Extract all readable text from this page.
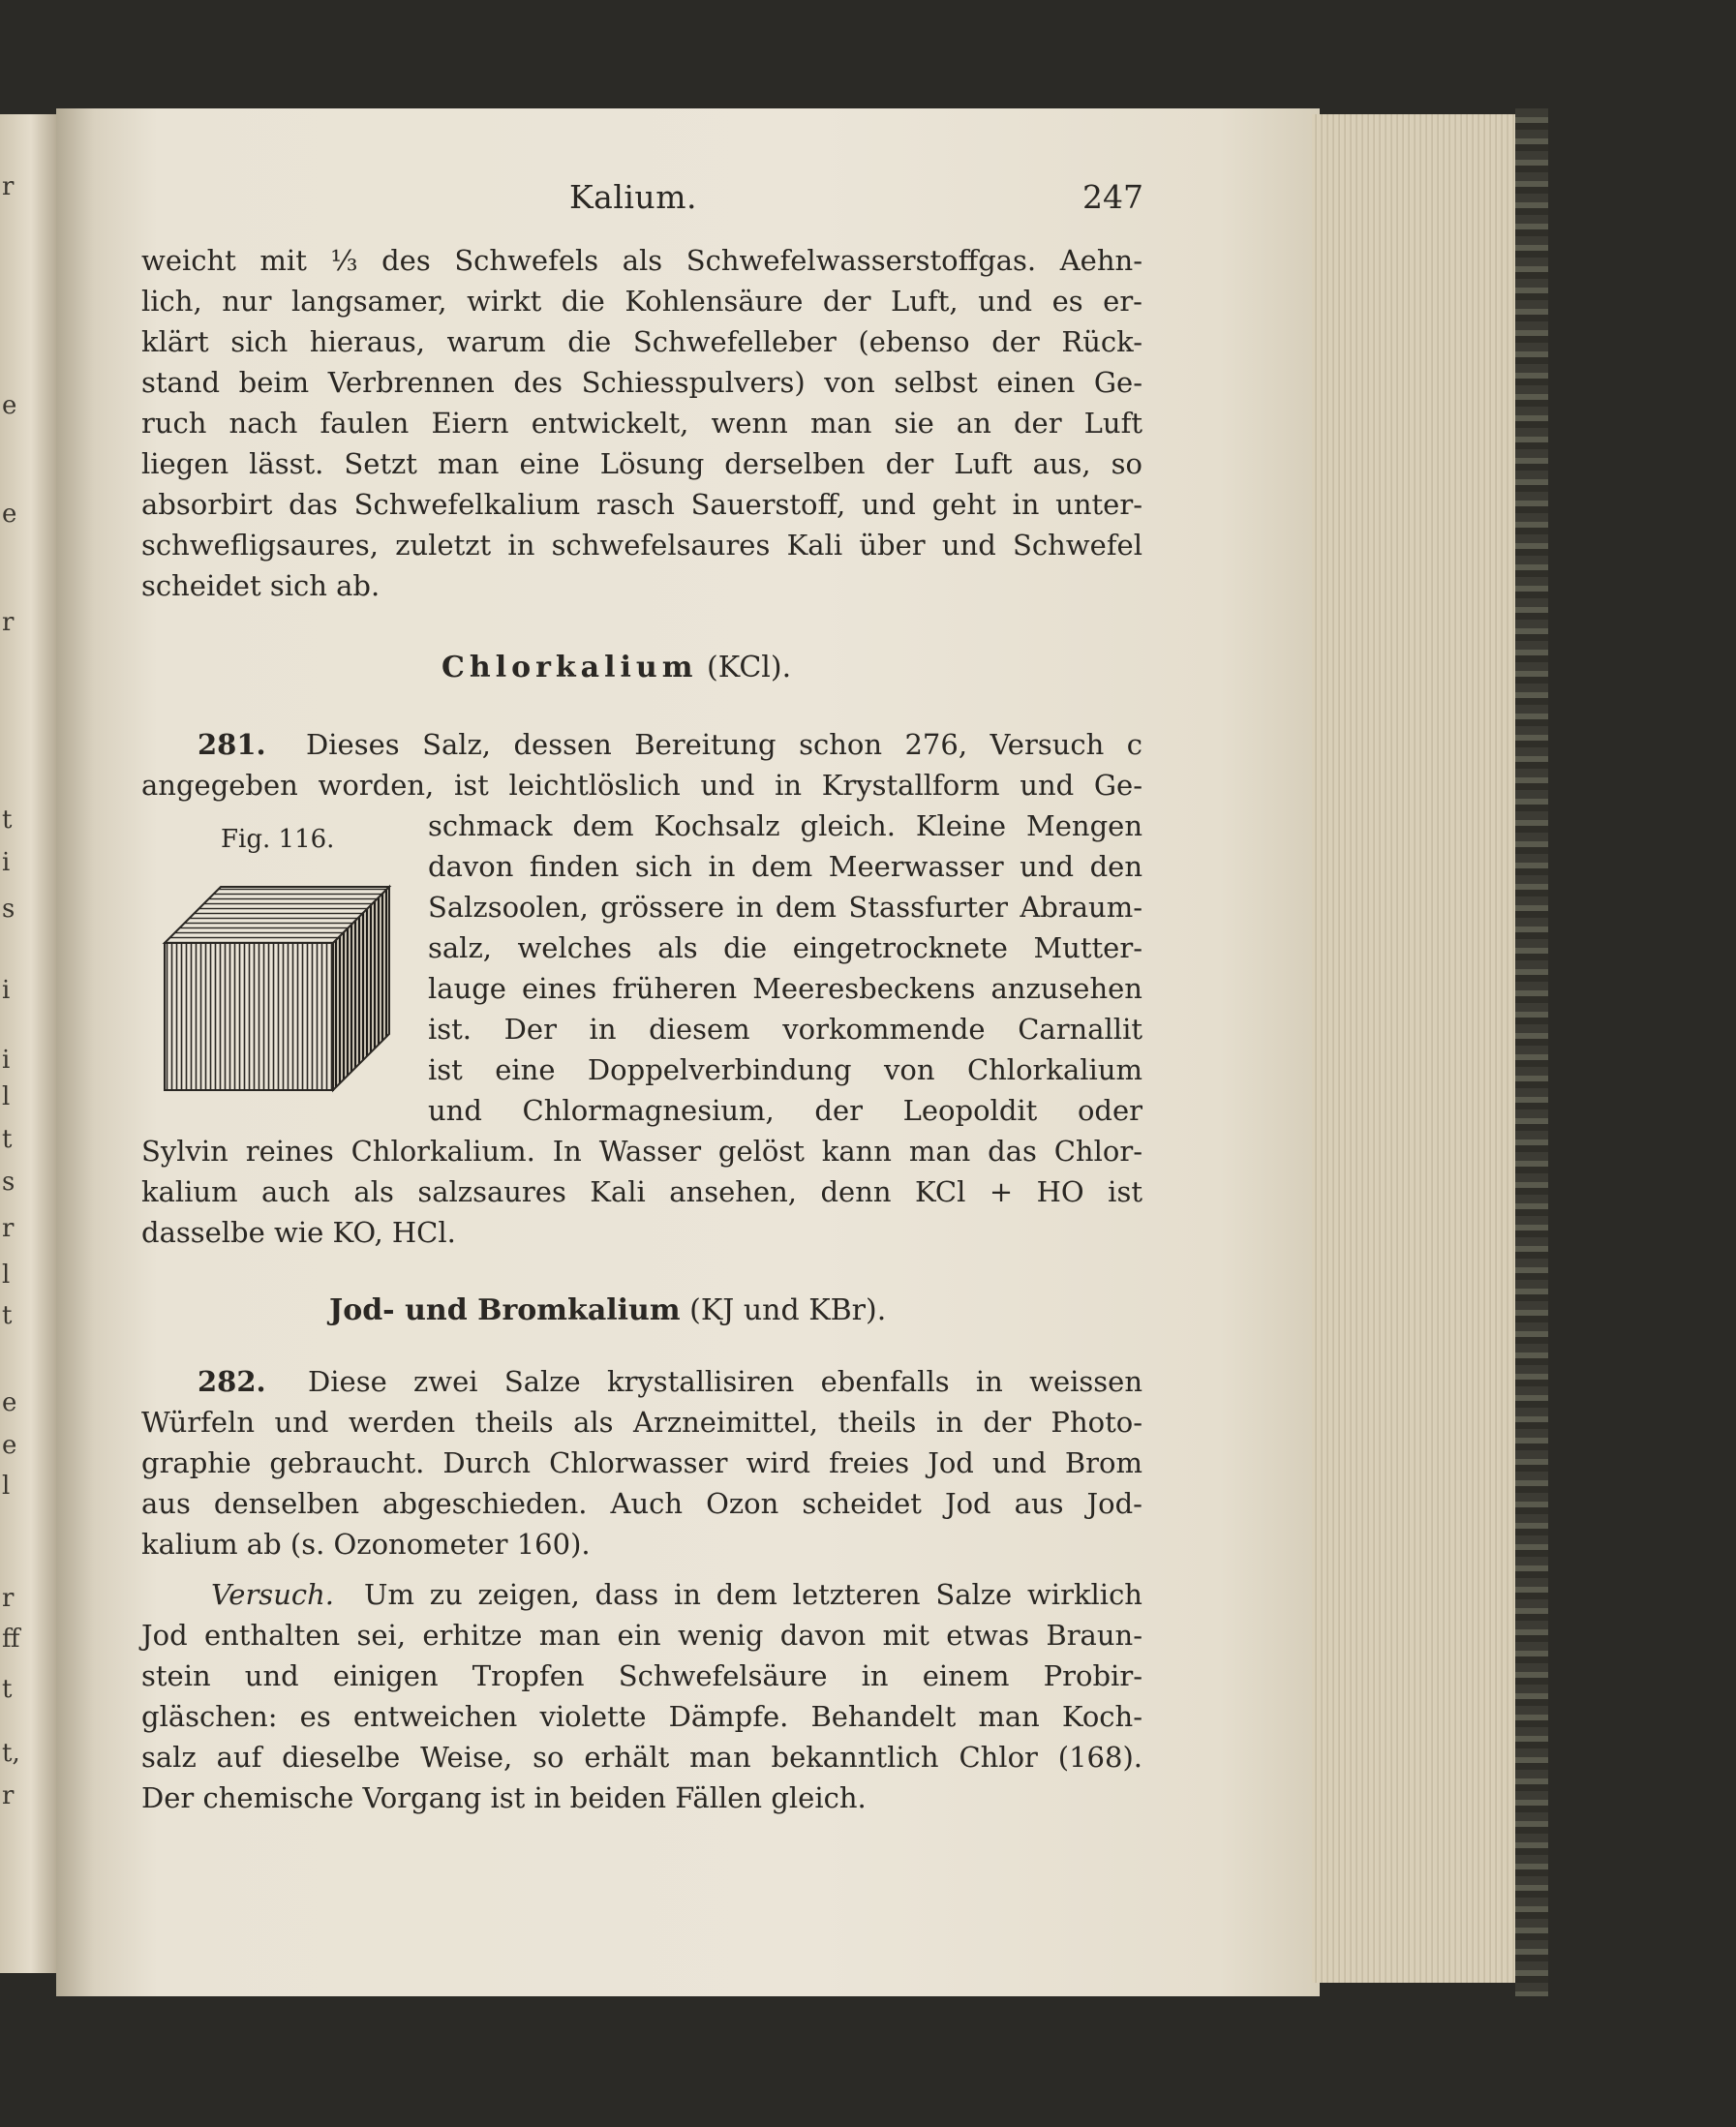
r
e
e
r
t
i
s
i
i
l
t
s
r
l
t
e
e
l
r
ff
t
t,
r

Kalium.	247

weicht mit ⅓ des Schwefels als Schwefelwasserstoffgas. Aehn-

lich, nur langsamer, wirkt die Kohlensäure der Luft, und es er-

klärt sich hieraus, warum die Schwefelleber (ebenso der Rück-

stand beim Verbrennen des Schiesspulvers) von selbst einen Ge-

ruch nach faulen Eiern entwickelt, wenn man sie an der Luft

liegen lässt. Setzt man eine Lösung derselben der Luft aus, so

absorbirt das Schwefelkalium rasch Sauerstoff, und geht in unter-

schwefligsaures, zuletzt in schwefelsaures Kali über und Schwefel

scheidet sich ab.

Chlorkalium (KCl).

281. Dieses Salz, dessen Bereitung schon 276, Versuch c

angegeben worden, ist leichtlöslich und in Krystallform und Ge-

Fig. 116.	schmack dem Kochsalz gleich. Kleine Mengen

davon finden sich in dem Meerwasser und den

Salzsoolen, grössere in dem Stassfurter Abraum-

salz, welches als die eingetrocknete Mutter-

lauge eines früheren Meeresbeckens anzusehen

ist. Der in diesem vorkommende Carnallit

ist eine Doppelverbindung von Chlorkalium

und Chlormagnesium, der Leopoldit oder

Sylvin reines Chlorkalium. In Wasser gelöst kann man das Chlor-

kalium auch als salzsaures Kali ansehen, denn KCl + HO ist

dasselbe wie KO, HCl.

Jod- und Bromkalium (KJ und KBr).

282. Diese zwei Salze krystallisiren ebenfalls in weissen

Würfeln und werden theils als Arzneimittel, theils in der Photo-

graphie gebraucht. Durch Chlorwasser wird freies Jod und Brom

aus denselben abgeschieden. Auch Ozon scheidet Jod aus Jod-

kalium ab (s. Ozonometer 160).

Versuch. Um zu zeigen, dass in dem letzteren Salze wirklich

Jod enthalten sei, erhitze man ein wenig davon mit etwas Braun-

stein und einigen Tropfen Schwefelsäure in einem Probir-

gläschen: es entweichen violette Dämpfe. Behandelt man Koch-

salz auf dieselbe Weise, so erhält man bekanntlich Chlor (168).

Der chemische Vorgang ist in beiden Fällen gleich.
